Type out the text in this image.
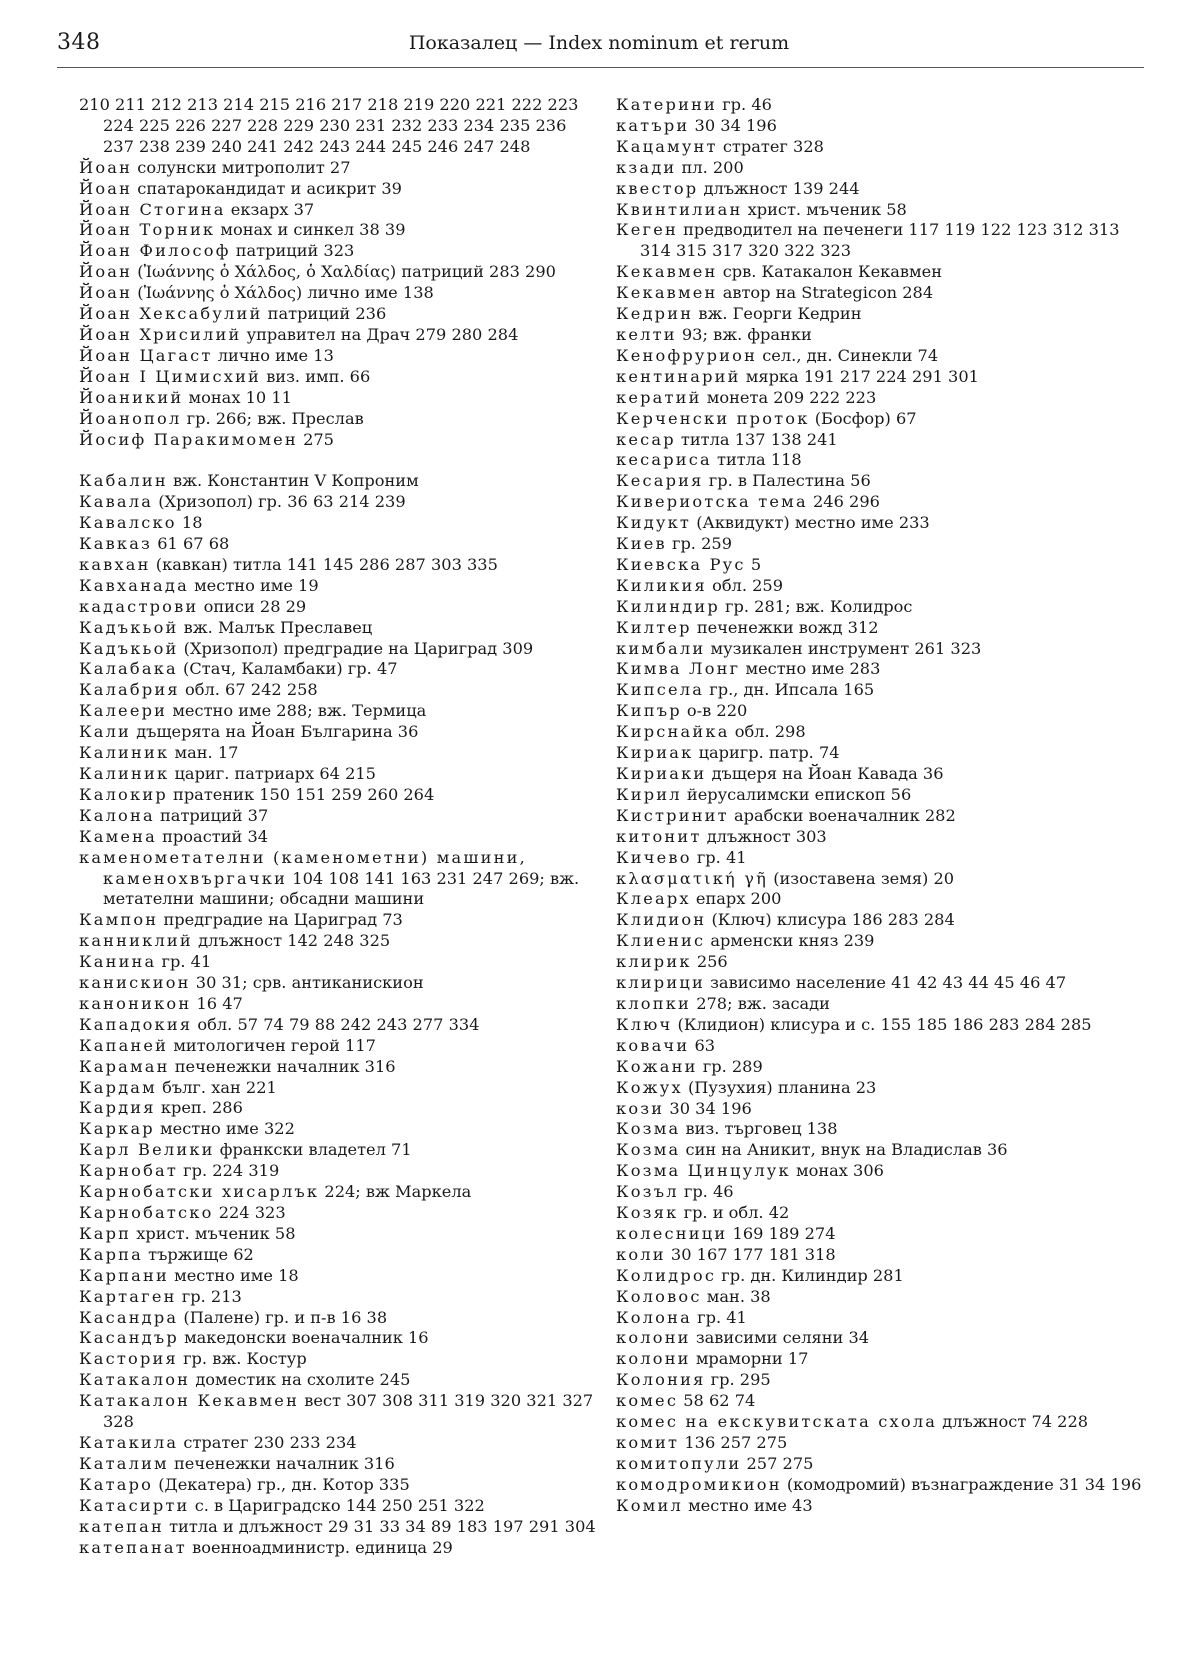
348	Показалец — Index nominum et rerum
210 211 212 213 214 215 216 217 218 219 220 221 222 223 224 225 226 227 228 229 230 231 232 233 234 235 236 237 238 239 240 241 242 243 244 245 246 247 248
Йоан солунски митрополит 27
Йоан спатарокандидат и асикрит 39
Йоан Стогина екзарх 37
Йоан Торник монах и синкел 38 39
Йоан Философ патриций 323
Йоан (Ἰωάννης ὁ Χάλδος, ὁ Χαλδίας) патриций 283 290
Йоан (Ἰωάννης ὁ Χάλδος) лично име 138
Йоан Хексабулий патриций 236
Йоан Хрисилий управител на Драч 279 280 284
Йоан Цагаст лично име 13
Йоан I Цимисхий виз. имп. 66
Йоаникий монах 10 11
Йоанопол гр. 266; вж. Преслав
Йосиф Паракимомен 275
Кабалин вж. Константин V Копроним
Кавала (Хризопол) гр. 36 63 214 239
Кавалско 18
Кавказ 61 67 68
кавхан (кавкан) титла 141 145 286 287 303 335
Кавханада местно име 19
кадастрови описи 28 29
Кадъкьой вж. Малък Преславец
Кадъкьой (Хризопол) предградие на Цариград 309
Калабака (Стач, Каламбаки) гр. 47
Калабрия обл. 67 242 258
Калеери местно име 288; вж. Термица
Кали дъщерята на Йоан Българина 36
Калиник ман. 17
Калиник цариг. патриарх 64 215
Калокир пратеник 150 151 259 260 264
Калона патриций 37
Камена проастий 34
каменометателни (камeнометни) машини, каменохвъргачки 104 108 141 163 231 247 269; вж. метателни машини; обсадни машини
Кампон предградие на Цариград 73
канниклий длъжност 142 248 325
Канина гр. 41
канискион 30 31; срв. антиканискион
канониκон 16 47
Кападокия обл. 57 74 79 88 242 243 277 334
Капаней митологичен герой 117
Караман печенежки началник 316
Кардам бълг. хан 221
Кардия креп. 286
Каркар местно име 322
Карл Велики франкски владетел 71
Карнобат гр. 224 319
Карнобатски хисарлък 224; вж Маркела
Карнобатско 224 323
Карп христ. мъченик 58
Карпа тържище 62
Карпани местно име 18
Картаген гр. 213
Касандра (Палене) гр. и п-в 16 38
Касандър македонски военачалник 16
Кастория гр. вж. Костур
Катакалон доместик на схолите 245
Катакалон Кекавмен вест 307 308 311 319 320 321 327 328
Катакила стратег 230 233 234
Каталим печенежки началник 316
Катаро (Декатера) гр., дн. Котор 335
Катасирти с. в Цариградско 144 250 251 322
катепан титла и длъжност 29 31 33 34 89 183 197 291 304
катепанат военноадминистр. единица 29
Катерини гр. 46
катъри 30 34 196
Кацамунт стратег 328
кзади пл. 200
квестор длъжност 139 244
Квинтилиан христ. мъченик 58
Кеген предводител на печенеги 117 119 122 123 312 313 314 315 317 320 322 323
Кекавмен срв. Катакалон Кекавмен
Кекавмен автор на Strategicon 284
Кедрин вж. Георги Кедрин
келти 93; вж. франки
Кенофрурион сел., дн. Синекли 74
кентинарий мярка 191 217 224 291 301
кератий монета 209 222 223
Керченски проток (Босфор) 67
кесар титла 137 138 241
кесариса титла 118
Кесария гр. в Палестина 56
Кивериотска тема 246 296
Кидукт (Аквидукт) местно име 233
Киев гр. 259
Киевска Рус 5
Киликия обл. 259
Килиндир гр. 281; вж. Колидрос
Килтер печенежки вожд 312
кимбали музикален инструмент 261 323
Кимва Лонг местно име 283
Кипсела гр., дн. Ипсала 165
Кипър о-в 220
Кирснайка обл. 298
Кириак царигр. патр. 74
Кириаки дъщеря на Йоан Кавада 36
Кирил йерусалимски епископ 56
Кистринит арабски военачалник 282
китонит длъжност 303
Кичево гр. 41
κλασματική γῆ (изоставена земя) 20
Клеарх епарх 200
Клидион (Ключ) клисура 186 283 284
Клиенис арменски княз 239
клирик 256
клирици зависимо население 41 42 43 44 45 46 47
клопки 278; вж. засади
Ключ (Клидион) клисура и с. 155 185 186 283 284 285
ковачи 63
Кожани гр. 289
Кожух (Пузухия) планина 23
кози 30 34 196
Козма виз. търговец 138
Козма син на Аникит, внук на Владислав 36
Козма Цинцулук монах 306
Козъл гр. 46
Козяк гр. и обл. 42
колесници 169 189 274
коли 30 167 177 181 318
Колидрос гр. дн. Килиндир 281
Коловос ман. 38
Колона гр. 41
колони зависими селяни 34
колони мраморни 17
Колония гр. 295
комес 58 62 74
комес на екскувитската схола длъжност 74 228
комит 136 257 275
комитопули 257 275
комодромикион (комодромий) възнаграждение 31 34 196
Комил местно име 43
